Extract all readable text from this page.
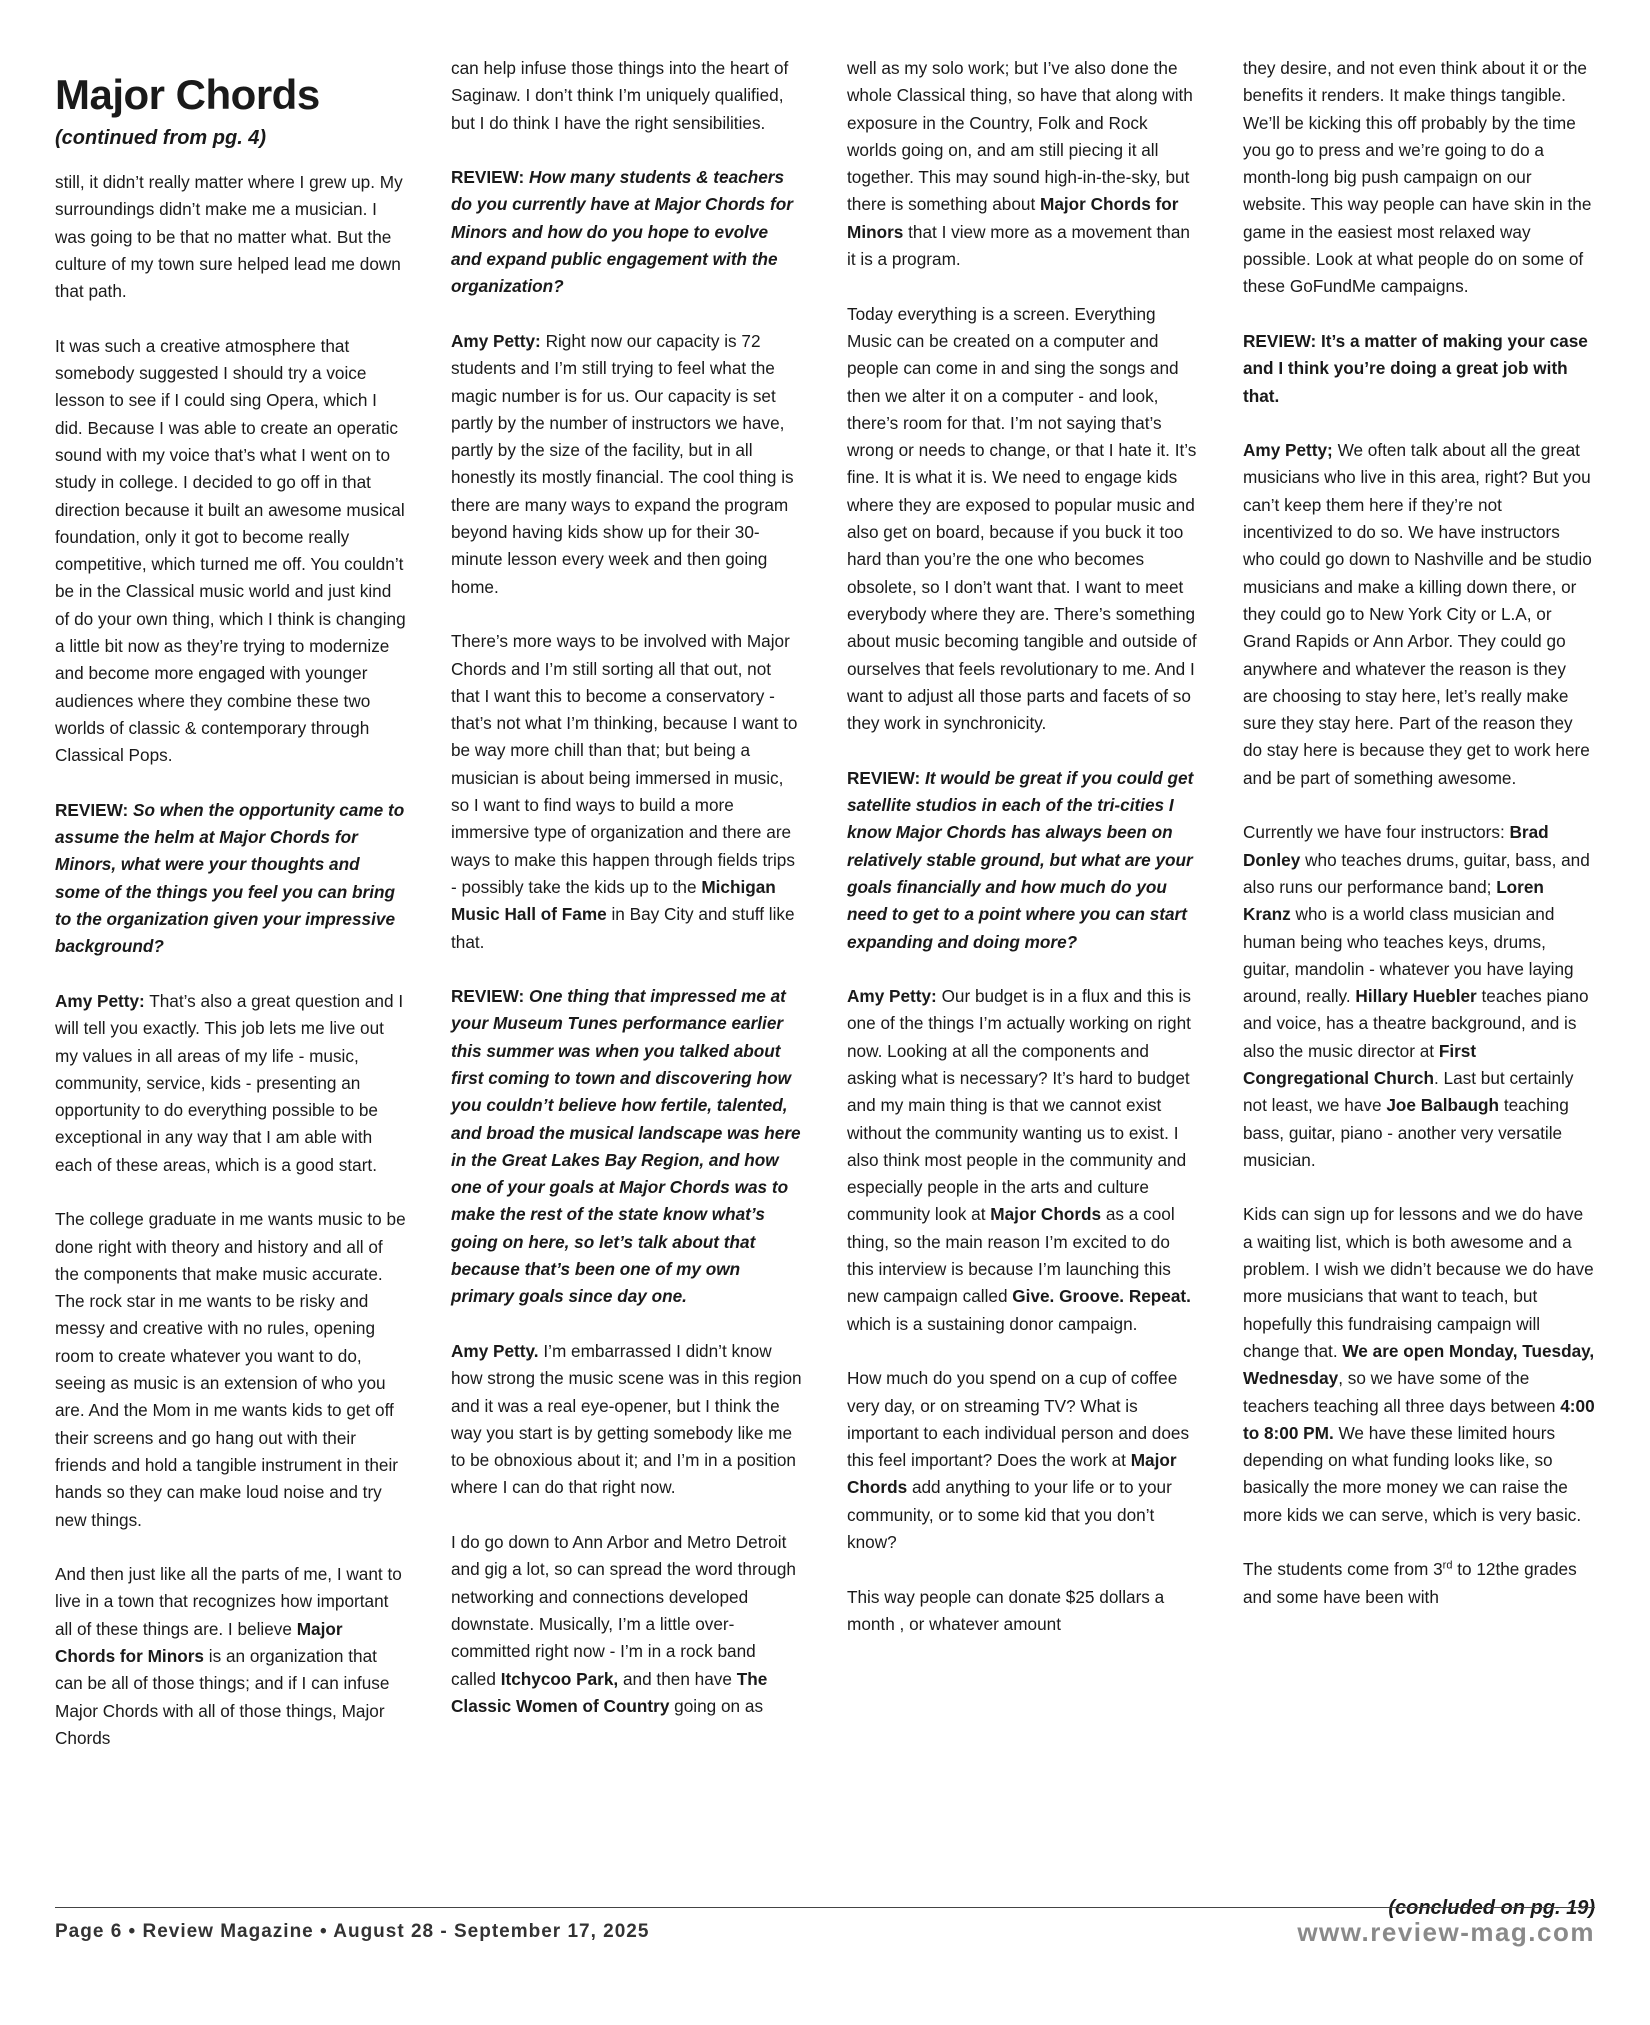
Major Chords
(continued from pg. 4)

still, it didn’t really matter where I grew up. My surroundings didn’t make me a musician. I was going to be that no matter what. But the culture of my town sure helped lead me down that path.

It was such a creative atmosphere that somebody suggested I should try a voice lesson to see if I could sing Opera, which I did. Because I was able to create an operatic sound with my voice that’s what I went on to study in college. I decided to go off in that direction because it built an awesome musical foundation, only it got to become really competitive, which turned me off. You couldn’t be in the Classical music world and just kind of do your own thing, which I think is changing a little bit now as they’re trying to modernize and become more engaged with younger audiences where they combine these two worlds of classic & contemporary through Classical Pops.

REVIEW: So when the opportunity came to assume the helm at Major Chords for Minors, what were your thoughts and some of the things you feel you can bring to the organization given your impressive background?

Amy Petty: That’s also a great question and I will tell you exactly. This job lets me live out my values in all areas of my life - music, community, service, kids - presenting an opportunity to do everything possible to be exceptional in any way that I am able with each of these areas, which is a good start.

The college graduate in me wants music to be done right with theory and history and all of the components that make music accurate. The rock star in me wants to be risky and messy and creative with no rules, opening room to create whatever you want to do, seeing as music is an extension of who you are. And the Mom in me wants kids to get off their screens and go hang out with their friends and hold a tangible instrument in their hands so they can make loud noise and try new things.

And then just like all the parts of me, I want to live in a town that recognizes how important all of these things are. I believe Major Chords for Minors is an organization that can be all of those things; and if I can infuse Major Chords with all of those things, Major Chords

can help infuse those things into the heart of Saginaw. I don’t think I’m uniquely qualified, but I do think I have the right sensibilities.

REVIEW: How many students & teachers do you currently have at Major Chords for Minors and how do you hope to evolve and expand public engagement with the organization?

Amy Petty: Right now our capacity is 72 students and I’m still trying to feel what the magic number is for us. Our capacity is set partly by the number of instructors we have, partly by the size of the facility, but in all honestly its mostly financial. The cool thing is there are many ways to expand the program beyond having kids show up for their 30-minute lesson every week and then going home.

There’s more ways to be involved with Major Chords and I’m still sorting all that out, not that I want this to become a conservatory - that’s not what I’m thinking, because I want to be way more chill than that; but being a musician is about being immersed in music, so I want to find ways to build a more immersive type of organization and there are ways to make this happen through fields trips - possibly take the kids up to the Michigan Music Hall of Fame in Bay City and stuff like that.

REVIEW: One thing that impressed me at your Museum Tunes performance earlier this summer was when you talked about first coming to town and discovering how you couldn’t believe how fertile, talented, and broad the musical landscape was here in the Great Lakes Bay Region, and how one of your goals at Major Chords was to make the rest of the state know what’s going on here, so let’s talk about that because that’s been one of my own primary goals since day one.

Amy Petty. I’m embarrassed I didn’t know how strong the music scene was in this region and it was a real eye-opener, but I think the way you start is by getting somebody like me to be obnoxious about it; and I’m in a position where I can do that right now.

I do go down to Ann Arbor and Metro Detroit and gig a lot, so can spread the word through networking and connections developed downstate. Musically, I’m a little over-committed right now - I’m in a rock band called Itchycoo Park, and then have The Classic Women of Country going on as

well as my solo work; but I’ve also done the whole Classical thing, so have that along with exposure in the Country, Folk and Rock worlds going on, and am still piecing it all together. This may sound high-in-the-sky, but there is something about Major Chords for Minors that I view more as a movement than it is a program.

Today everything is a screen. Everything Music can be created on a computer and people can come in and sing the songs and then we alter it on a computer - and look, there’s room for that. I’m not saying that’s wrong or needs to change, or that I hate it. It’s fine. It is what it is. We need to engage kids where they are exposed to popular music and also get on board, because if you buck it too hard than you’re the one who becomes obsolete, so I don’t want that. I want to meet everybody where they are. There’s something about music becoming tangible and outside of ourselves that feels revolutionary to me. And I want to adjust all those parts and facets of so they work in synchronicity.

REVIEW: It would be great if you could get satellite studios in each of the tri-cities I know Major Chords has always been on relatively stable ground, but what are your goals financially and how much do you need to get to a point where you can start expanding and doing more?

Amy Petty: Our budget is in a flux and this is one of the things I’m actually working on right now. Looking at all the components and asking what is necessary? It’s hard to budget and my main thing is that we cannot exist without the community wanting us to exist. I also think most people in the community and especially people in the arts and culture community look at Major Chords as a cool thing, so the main reason I’m excited to do this interview is because I’m launching this new campaign called Give. Groove. Repeat. which is a sustaining donor campaign.

How much do you spend on a cup of coffee very day, or on streaming TV? What is important to each individual person and does this feel important? Does the work at Major Chords add anything to your life or to your community, or to some kid that you don’t know?

This way people can donate $25 dollars a month , or whatever amount

they desire, and not even think about it or the benefits it renders. It make things tangible. We’ll be kicking this off probably by the time you go to press and we’re going to do a month-long big push campaign on our website. This way people can have skin in the game in the easiest most relaxed way possible. Look at what people do on some of these GoFundMe campaigns.

REVIEW: It’s a matter of making your case and I think you’re doing a great job with that.

Amy Petty; We often talk about all the great musicians who live in this area, right? But you can’t keep them here if they’re not incentivized to do so. We have instructors who could go down to Nashville and be studio musicians and make a killing down there, or they could go to New York City or L.A, or Grand Rapids or Ann Arbor. They could go anywhere and whatever the reason is they are choosing to stay here, let’s really make sure they stay here. Part of the reason they do stay here is because they get to work here and be part of something awesome.

Currently we have four instructors: Brad Donley who teaches drums, guitar, bass, and also runs our performance band; Loren Kranz who is a world class musician and human being who teaches keys, drums, guitar, mandolin - whatever you have laying around, really. Hillary Huebler teaches piano and voice, has a theatre background, and is also the music director at First Congregational Church. Last but certainly not least, we have Joe Balbaugh teaching bass, guitar, piano - another very versatile musician.

Kids can sign up for lessons and we do have a waiting list, which is both awesome and a problem. I wish we didn’t because we do have more musicians that want to teach, but hopefully this fundraising campaign will change that. We are open Monday, Tuesday, Wednesday, so we have some of the teachers teaching all three days between 4:00 to 8:00 PM. We have these limited hours depending on what funding looks like, so basically the more money we can raise the more kids we can serve, which is very basic.

The students come from 3rd to 12the grades and some have been with

(concluded on pg. 19)
Page 6 • Review Magazine • August 28 - September 17, 2025	www.review-mag.com
